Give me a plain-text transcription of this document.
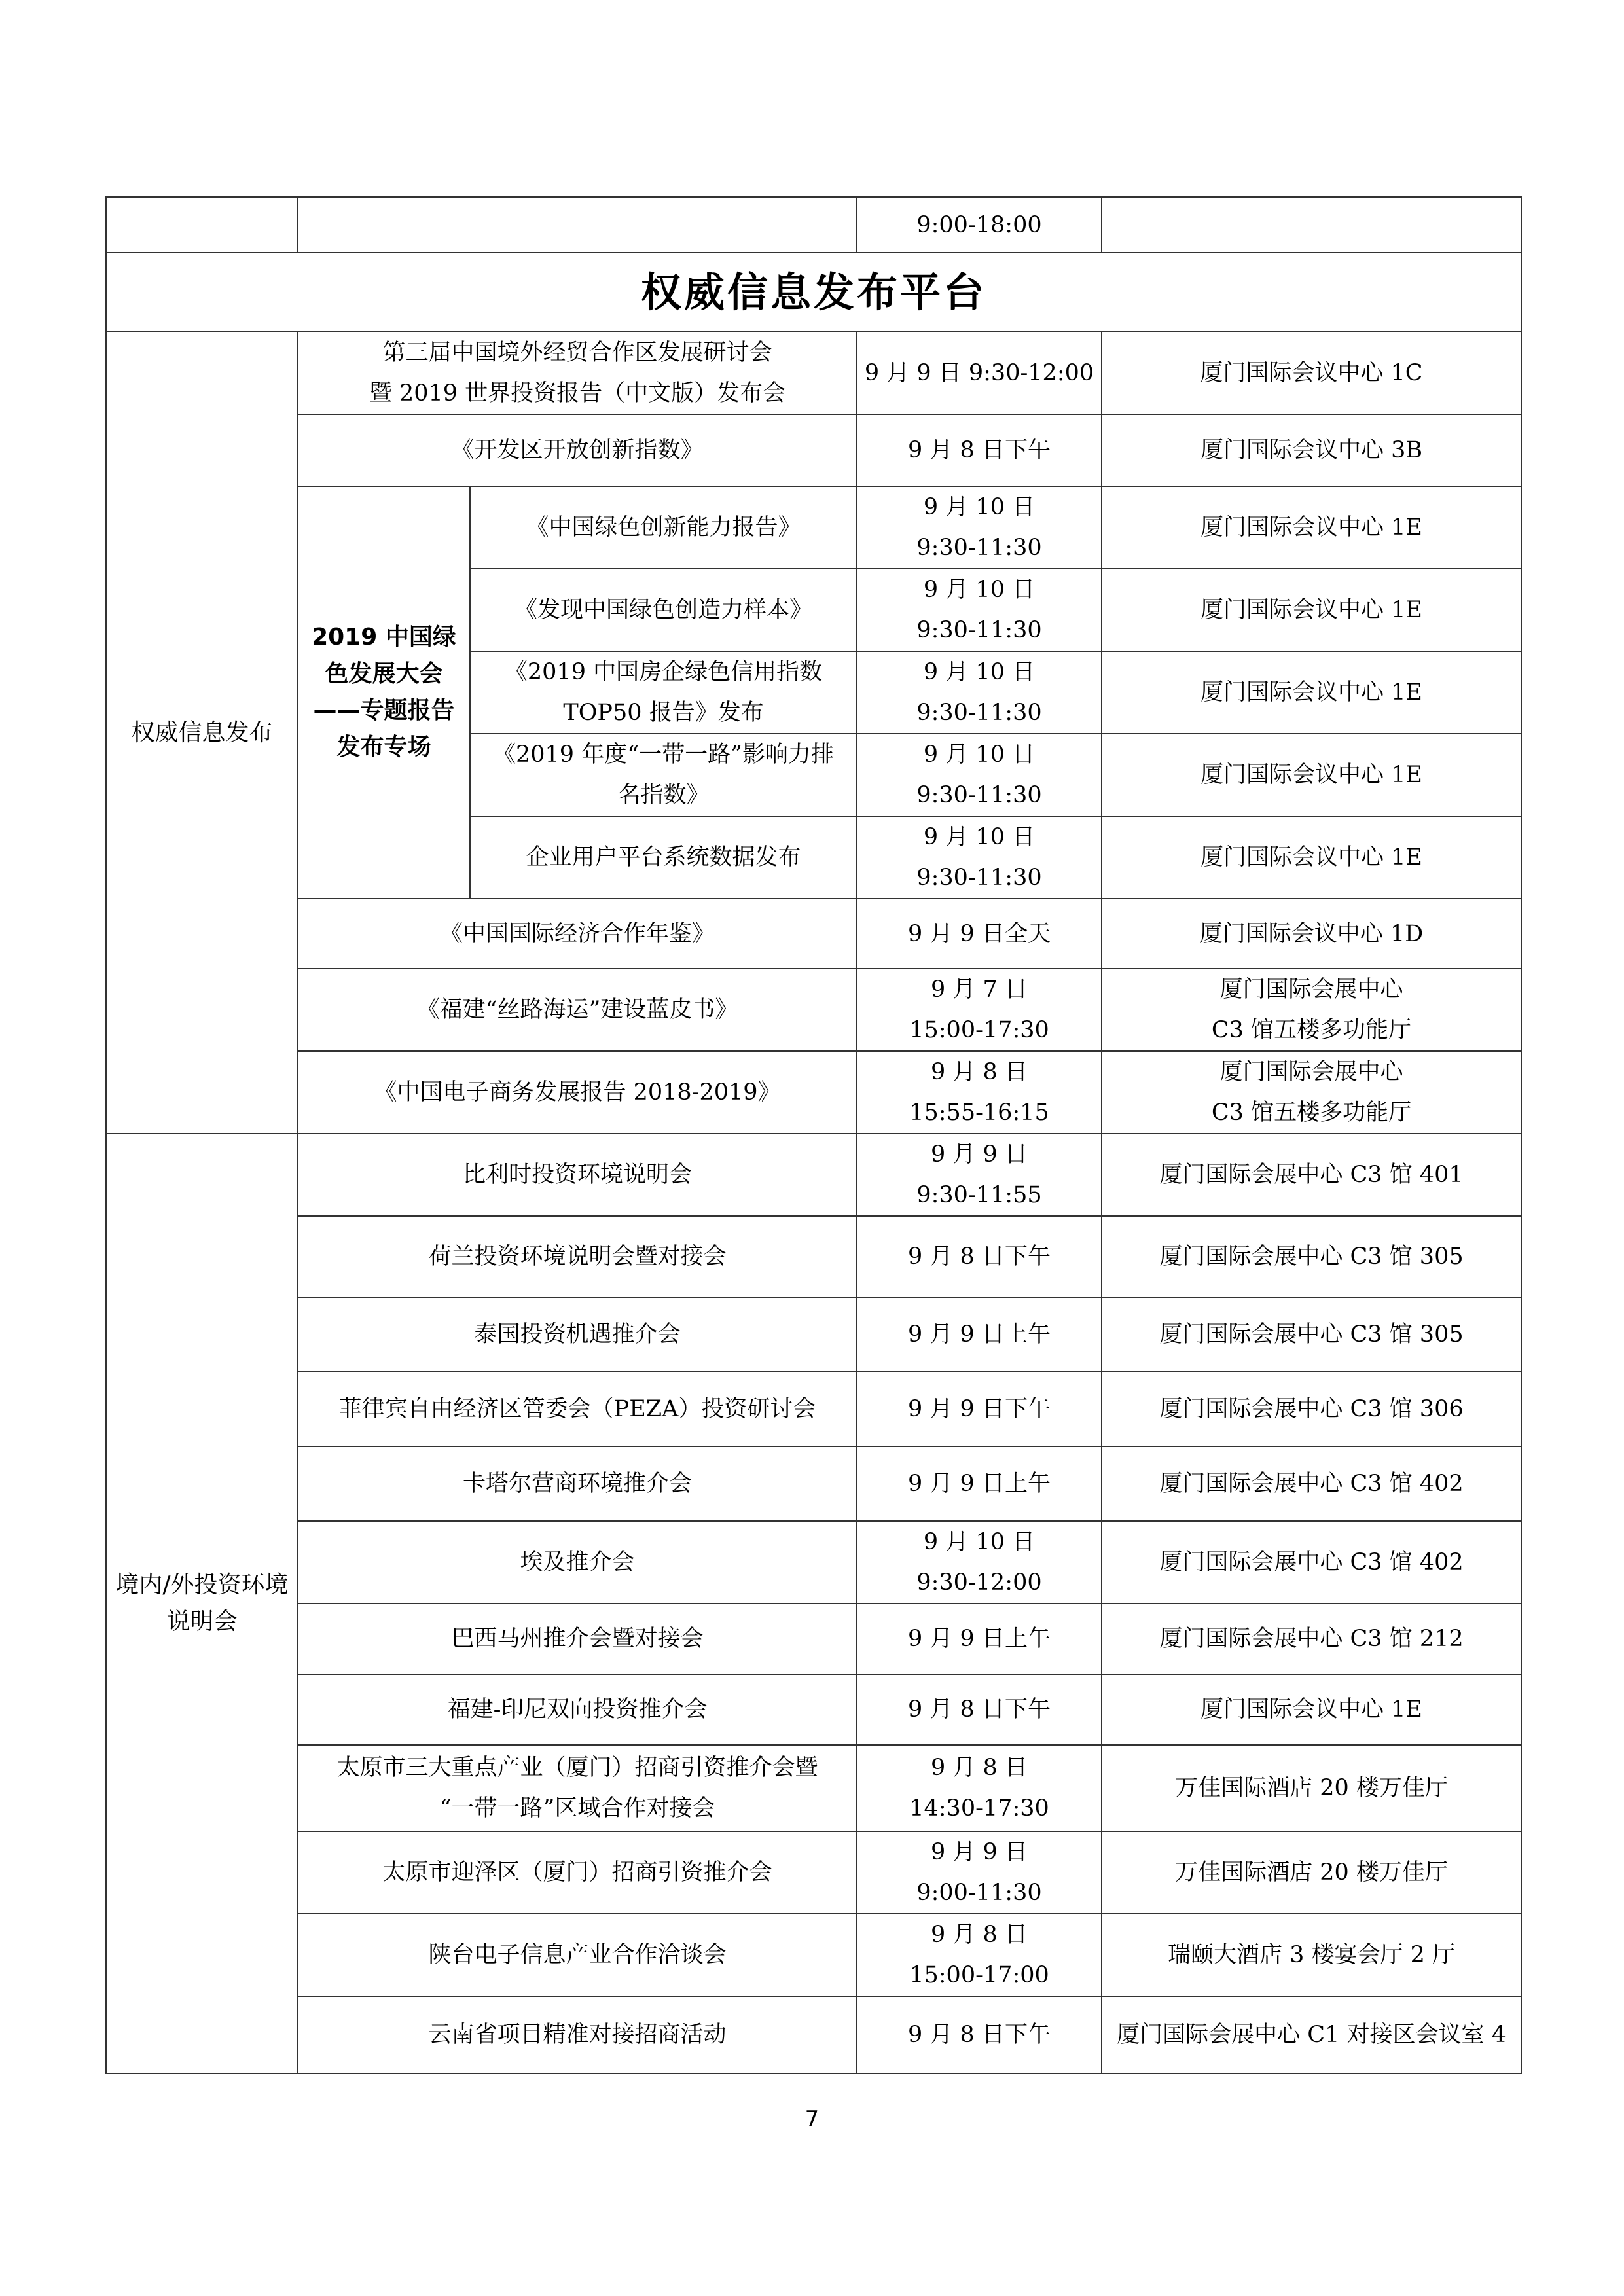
			9:00-18:00	
权威信息发布平台				
权威信息发布	第三届中国境外经贸合作区发展研讨会
暨 2019 世界投资报告（中文版）发布会		9 月 9 日 9:30-12:00	厦门国际会议中心 1C

	《开发区开放创新指数》		9 月 8 日下午	厦门国际会议中心 3B

	2019 中国绿色发展大会——专题报告发布专场	《中国绿色创新能力报告》	9 月 10 日
9:30-11:30	厦门国际会议中心 1E

		《发现中国绿色创造力样本》	9 月 10 日
9:30-11:30	厦门国际会议中心 1E

		《2019 中国房企绿色信用指数
TOP50 报告》发布	9 月 10 日
9:30-11:30	厦门国际会议中心 1E

		《2019 年度“一带一路”影响力排
名指数》	9 月 10 日
9:30-11:30	厦门国际会议中心 1E

		企业用户平台系统数据发布	9 月 10 日
9:30-11:30	厦门国际会议中心 1E

	《中国国际经济合作年鉴》		9 月 9 日全天	厦门国际会议中心 1D

	《福建“丝路海运”建设蓝皮书》		9 月 7 日
15:00-17:30	厦门国际会展中心
C3 馆五楼多功能厅

	《中国电子商务发展报告 2018-2019》		9 月 8 日
15:55-16:15	厦门国际会展中心
C3 馆五楼多功能厅

境内/外投资环境说明会	比利时投资环境说明会		9 月 9 日
9:30-11:55	厦门国际会展中心 C3 馆 401

	荷兰投资环境说明会暨对接会		9 月 8 日下午	厦门国际会展中心 C3 馆 305

	泰国投资机遇推介会		9 月 9 日上午	厦门国际会展中心 C3 馆 305

	菲律宾自由经济区管委会（PEZA）投资研讨会		9 月 9 日下午	厦门国际会展中心 C3 馆 306

	卡塔尔营商环境推介会		9 月 9 日上午	厦门国际会展中心 C3 馆 402

	埃及推介会		9 月 10 日
9:30-12:00	厦门国际会展中心 C3 馆 402

	巴西马州推介会暨对接会		9 月 9 日上午	厦门国际会展中心 C3 馆 212

	福建-印尼双向投资推介会		9 月 8 日下午	厦门国际会议中心 1E

	太原市三大重点产业（厦门）招商引资推介会暨
“一带一路”区域合作对接会		9 月 8 日
14:30-17:30	万佳国际酒店 20 楼万佳厅

	太原市迎泽区（厦门）招商引资推介会		9 月 9 日
9:00-11:30	万佳国际酒店 20 楼万佳厅

	陕台电子信息产业合作洽谈会		9 月 8 日
15:00-17:00	瑞颐大酒店 3 楼宴会厅 2 厅

	云南省项目精准对接招商活动		9 月 8 日下午	厦门国际会展中心 C1 对接区会议室 4
7
